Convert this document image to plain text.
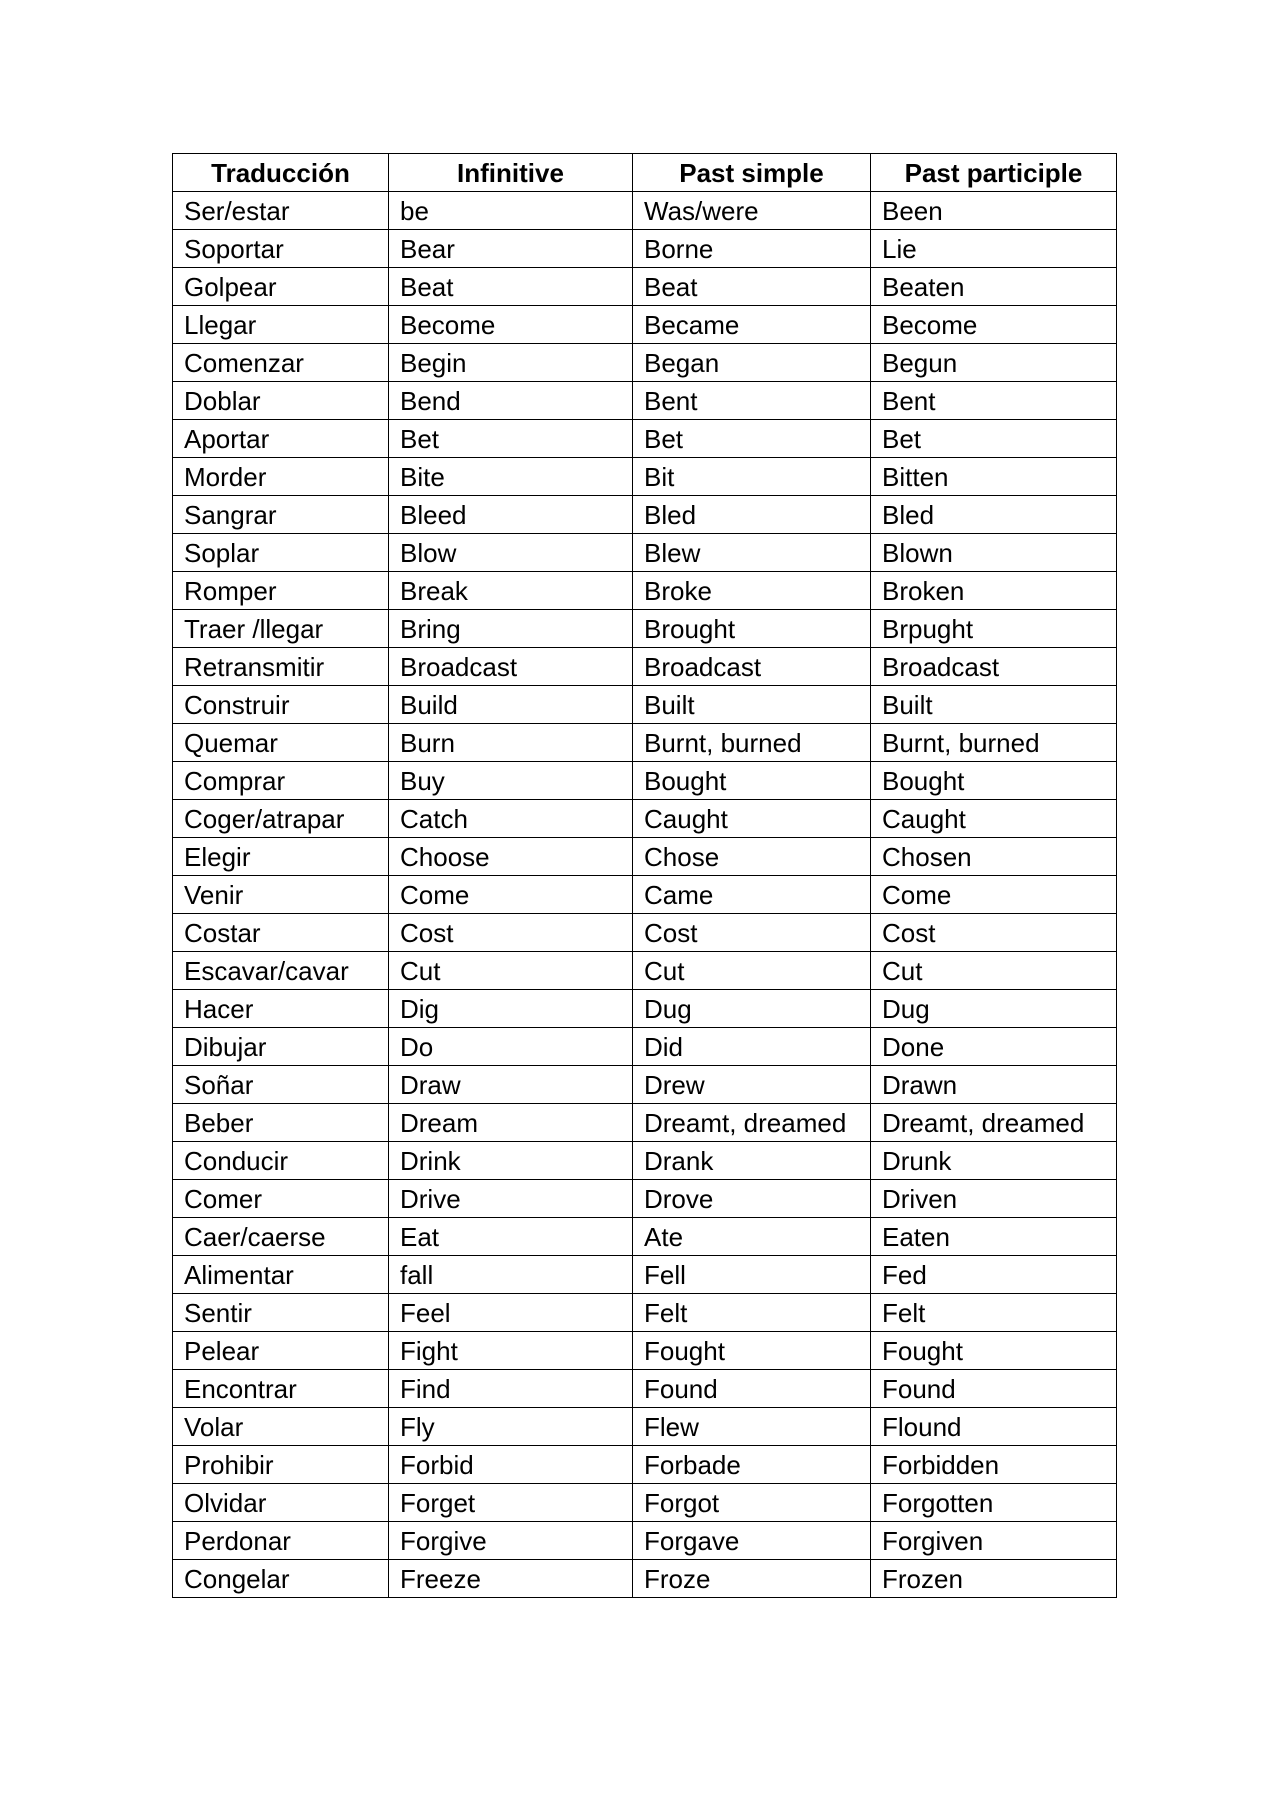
Traducción	Infinitive	Past simple	Past participle
Ser/estar	be	Was/were	Been
Soportar	Bear	Borne	Lie
Golpear	Beat	Beat	Beaten
Llegar	Become	Became	Become
Comenzar	Begin	Began	Begun
Doblar	Bend	Bent	Bent
Aportar	Bet	Bet	Bet
Morder	Bite	Bit	Bitten
Sangrar	Bleed	Bled	Bled
Soplar	Blow	Blew	Blown
Romper	Break	Broke	Broken
Traer /llegar	Bring	Brought	Brpught
Retransmitir	Broadcast	Broadcast	Broadcast
Construir	Build	Built	Built
Quemar	Burn	Burnt, burned	Burnt, burned
Comprar	Buy	Bought	Bought
Coger/atrapar	Catch	Caught	Caught
Elegir	Choose	Chose	Chosen
Venir	Come	Came	Come
Costar	Cost	Cost	Cost
Escavar/cavar	Cut	Cut	Cut
Hacer	Dig	Dug	Dug
Dibujar	Do	Did	Done
Soñar	Draw	Drew	Drawn
Beber	Dream	Dreamt, dreamed	Dreamt, dreamed
Conducir	Drink	Drank	Drunk
Comer	Drive	Drove	Driven
Caer/caerse	Eat	Ate	Eaten
Alimentar	fall	Fell	Fed
Sentir	Feel	Felt	Felt
Pelear	Fight	Fought	Fought
Encontrar	Find	Found	Found
Volar	Fly	Flew	Flound
Prohibir	Forbid	Forbade	Forbidden
Olvidar	Forget	Forgot	Forgotten
Perdonar	Forgive	Forgave	Forgiven
Congelar	Freeze	Froze	Frozen
